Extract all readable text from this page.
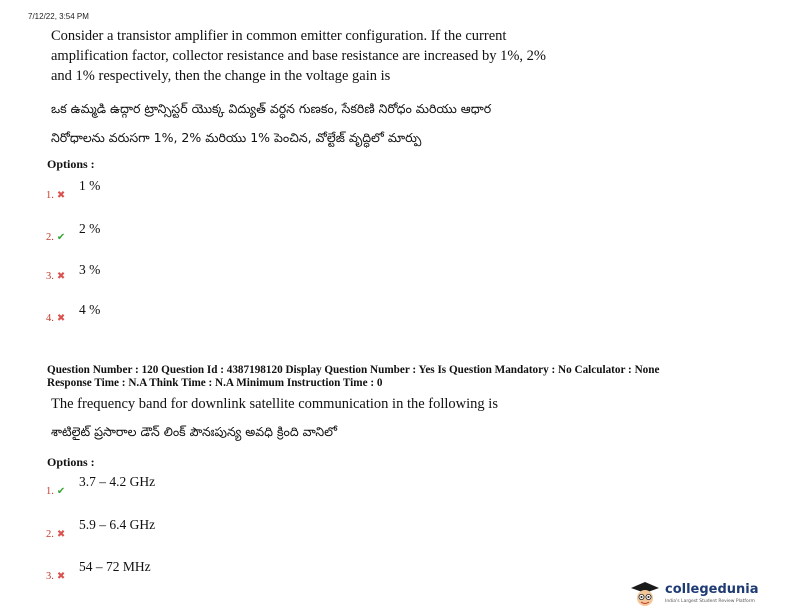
7/12/22, 3:54 PM
Consider a transistor amplifier in common emitter configuration. If the current
amplification factor, collector resistance and base resistance are increased by 1%, 2%
and 1% respectively, then the change in the voltage gain is
ఒక ఉమ్మడి ఉద్గార ట్రాన్సిస్టర్ యొక్క విద్యుత్ వర్ధన గుణకం, సేకరిణి నిరోధం మరియు ఆధార
నిరోధాలను వరుసగా 1%, 2% మరియు 1% పెంచిన, వోల్టేజ్ వృద్ధిలో మార్పు
Options :
1. ✖
1 %
2. ✔
2 %
3. ✖ 3 %
4. ✖
4 %
Question Number : 120 Question Id : 4387198120 Display Question Number : Yes Is Question Mandatory : No Calculator : None
Response Time : N.A Think Time : N.A Minimum Instruction Time : 0
The frequency band for downlink satellite communication in the following is
శాటిలైట్ ప్రసారాల డౌన్ లింక్ పౌనఃపున్య అవధి క్రింది వానిలో
Options :
1. ✔
3.7 – 4.2 GHz
2. ✖
5.9 – 6.4 GHz
3. ✖
54 – 72 MHz
collegedunia
India's Largest Student Review Platform
